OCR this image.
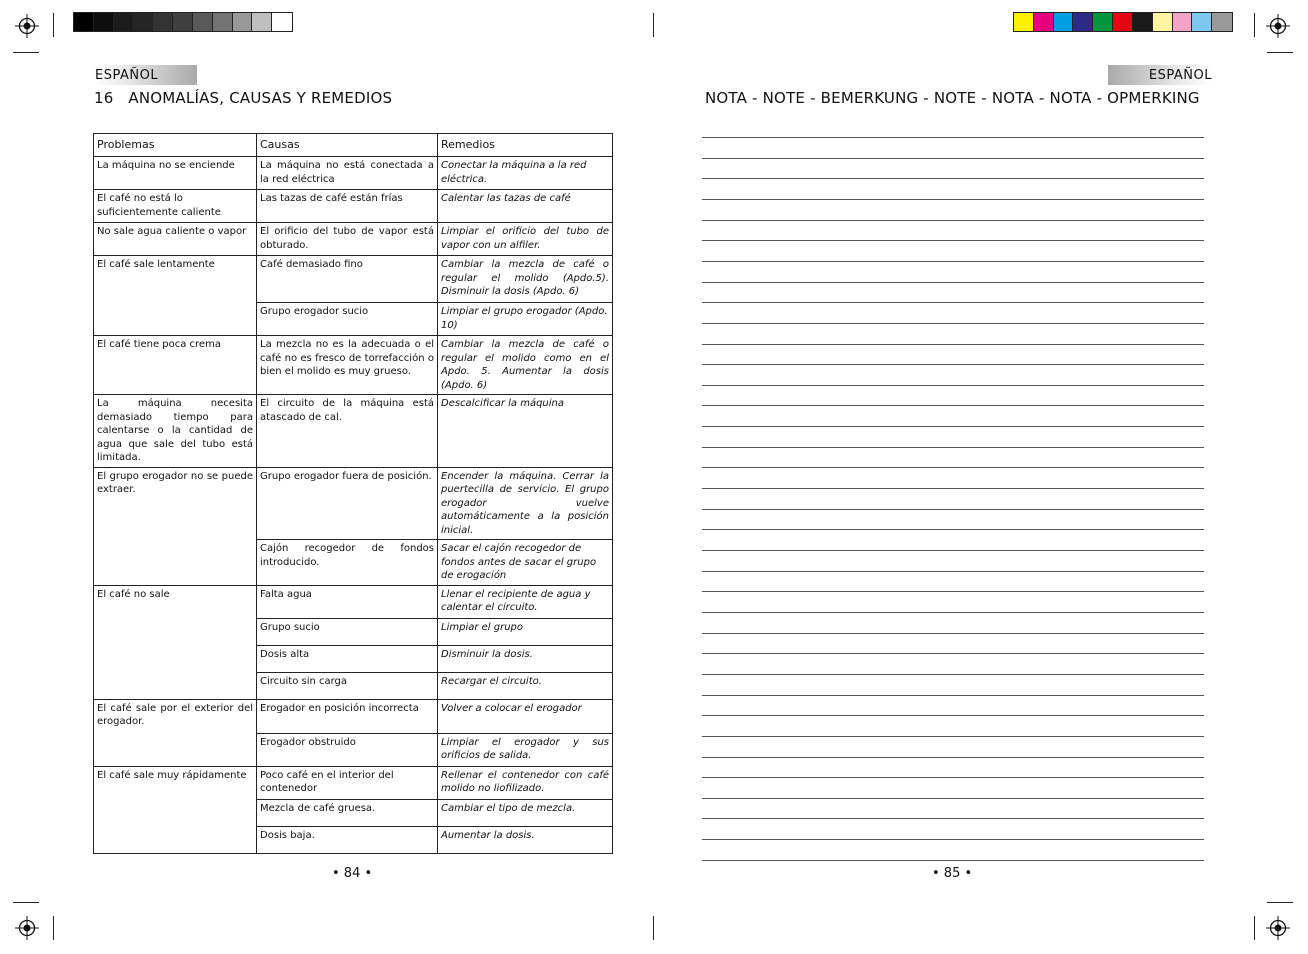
ESPAÑOL
16 ANOMALÍAS, CAUSAS Y REMEDIOS
Problemas	Causas	Remedios
La máquina no se enciende	La máquina no está conectada a la red eléctrica	Conectar la máquina a la red eléctrica.
El café no está lo suficientemente caliente	Las tazas de café están frías	Calentar las tazas de café
No sale agua caliente o vapor	El orificio del tubo de vapor está obturado.	Limpiar el orificio del tubo de vapor con un alfiler.
El café sale lentamente	Café demasiado fino	Cambiar la mezcla de café o regular el molido (Apdo.5). Disminuir la dosis (Apdo. 6)
	Grupo erogador sucio	Limpiar el grupo erogador (Apdo. 10)
El café tiene poca crema	La mezcla no es la adecuada o el café no es fresco de torrefacción o bien el molido es muy grueso.	Cambiar la mezcla de café o regular el molido como en el Apdo. 5. Aumentar la dosis (Apdo. 6)
La máquina necesita demasiado tiempo para calentarse o la cantidad de agua que sale del tubo está limitada.	El circuito de la máquina está atascado de cal.	Descalcificar la máquina
El grupo erogador no se puede extraer.	Grupo erogador fuera de posición.	Encender la máquina. Cerrar la puertecilla de servicio. El grupo erogador vuelve automáticamente a la posición inicial.
	Cajón recogedor de fondos introducido.	Sacar el cajón recogedor de fondos antes de sacar el grupo de erogación
El café no sale	Falta agua	Llenar el recipiente de agua y calentar el circuito.
	Grupo sucio	Limpiar el grupo
	Dosis alta	Disminuir la dosis.
	Circuito sin carga	Recargar el circuito.
El café sale por el exterior del erogador.	Erogador en posición incorrecta	Volver a colocar el erogador
	Erogador obstruido	Limpiar el erogador y sus orificios de salida.
El café sale muy rápidamente	Poco café en el interior del contenedor	Rellenar el contenedor con café molido no liofilizado.
	Mezcla de café gruesa.	Cambiar el tipo de mezcla.
	Dosis baja.	Aumentar la dosis.
• 84 •
ESPAÑOL
NOTA - NOTE - BEMERKUNG - NOTE - NOTA - NOTA - OPMERKING
• 85 •
